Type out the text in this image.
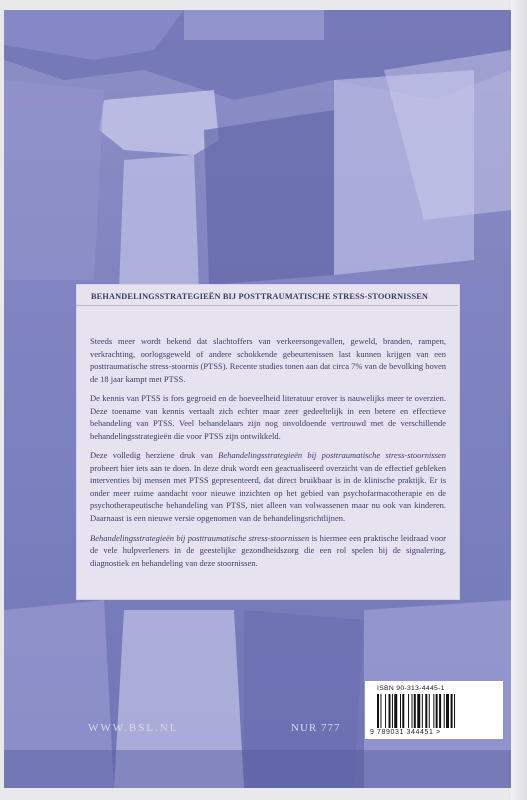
BEHANDELINGSSTRATEGIEËN BIJ POSTTRAUMATISCHE STRESS-STOORNISSEN

Steeds meer wordt bekend dat slachtoffers van verkeersongevallen, geweld, branden, rampen, verkrachting, oorlogsgeweld of andere schokkende gebeurtenissen last kunnen krijgen van een posttraumatische stress-stoornis (PTSS). Recente studies tonen aan dat circa 7% van de bevolking boven de 18 jaar kampt met PTSS.

De kennis van PTSS is fors gegroeid en de hoeveelheid literatuur erover is nauwelijks meer te overzien. Deze toename van kennis vertaalt zich echter maar zeer gedeeltelijk in een betere en effectieve behandeling van PTSS. Veel behandelaars zijn nog onvoldoende vertrouwd met de verschillende behandelingsstrategieën die voor PTSS zijn ontwikkeld.

Deze volledig herziene druk van Behandelingsstrategieën bij posttraumatische stress-stoornissen probeert hier iets aan te doen. In deze druk wordt een geactualiseerd overzicht van de effectief gebleken interventies bij mensen met PTSS gepresenteerd, dat direct bruikbaar is in de klinische praktijk. Er is onder meer ruime aandacht voor nieuwe inzichten op het gebied van psychofarmacotherapie en de psychotherapeutische behandeling van PTSS, niet alleen van volwassenen maar nu ook van kinderen. Daarnaast is een nieuwe versie opgenomen van de behandelingsrichtlijnen.

Behandelingsstrategieën bij posttraumatische stress-stoornissen is hiermee een praktische leidraad voor de vele hulpverleners in de geestelijke gezondheidszorg die een rol spelen bij de signalering, diagnostiek en behandeling van deze stoornissen.

WWW.BSL.NL	NUR 777
ISBN 90-313-4445-1
9 789031 344451 >
